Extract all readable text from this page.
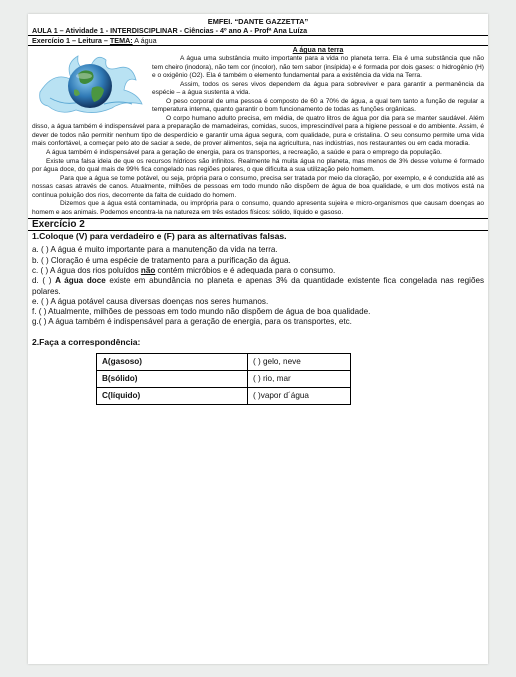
EMFEI. “DANTE GAZZETTA”
AULA 1 – Atividade 1 - INTERDISCIPLINAR - Ciências - 4º ano A - Profª Ana Luíza
Exercício 1 – Leitura – TEMA: A água
A água na terra

A água uma substância muito importante para a vida no planeta terra. Ela é uma substância que não tem cheiro (inodora), não tem cor (incolor), não tem sabor (insípida) e é formada por dois gases: o hidrogênio (H) e o oxigênio (O2). Ela é também o elemento fundamental para a existência da vida na Terra.

Assim, todos os seres vivos dependem da água para sobreviver e para garantir a permanência da espécie – a água sustenta a vida.

O peso corporal de uma pessoa é composto de 60 a 70% de água, a qual tem tanto a função de regular a temperatura interna, quanto garantir o bom funcionamento de todas as funções orgânicas.

O corpo humano adulto precisa, em média, de quatro litros de água por dia para se manter saudável. Além disso, a água também é indispensável para a preparação de mamadeiras, comidas, sucos, imprescindível para a higiene pessoal e do ambiente. Assim, é dever de todos não permitir nenhum tipo de desperdício e garantir uma água segura, com qualidade, pura e cristalina. O seu consumo permite uma vida mais confortável, a começar pelo ato de saciar a sede, de prover alimentos, seja na agricultura, nas indústrias, nos restaurantes ou em cada moradia.

A água também é indispensável para a geração de energia, para os transportes, a recreação, a saúde e para o emprego da população.

Existe uma falsa ideia de que os recursos hídricos são infinitos. Realmente há muita água no planeta, mas menos de 3% desse volume é formado por água doce, do qual mais de 99% fica congelado nas regiões polares, o que dificulta a sua utilização pelo homem.

Para que a água se tome potável, ou seja, própria para o consumo, precisa ser tratada por meio da cloração, por exemplo, e é conduzida até as nossas casas através de canos. Atualmente, milhões de pessoas em todo mundo não dispõem de água de boa qualidade, e um dos motivos está na contínua poluição dos rios, decorrente da falta de cuidado do homem.

Dizemos que a água está contaminada, ou imprópria para o consumo, quando apresenta sujeira e micro-organismos que causam doenças ao homem e aos animais. Podemos encontra-la na natureza em três estados físicos: sólido, líquido e gasoso.

Exercício 2
1.Coloque (V) para verdadeiro e (F) para as alternativas falsas.

a. ( ) A água é muito importante para a manutenção da vida na terra.

b. ( ) Cloração é uma espécie de tratamento para a purificação da água.

c. ( ) A água dos rios poluídos não contém micróbios e é adequada para o consumo.

d. ( ) A água doce existe em abundância no planeta e apenas 3% da quantidade existente fica congelada nas regiões polares.

e. ( ) A água potável causa diversas doenças nos seres humanos.

f. ( ) Atualmente, milhões de pessoas em todo mundo não dispõem de água de boa qualidade.

g.( ) A água também é indispensável para a geração de energia, para os transportes, etc.

2.Faça a correspondência:
A(gasoso)	( ) gelo, neve
B(sólido)	( ) rio, mar
C(líquido)	( )vapor d´água
